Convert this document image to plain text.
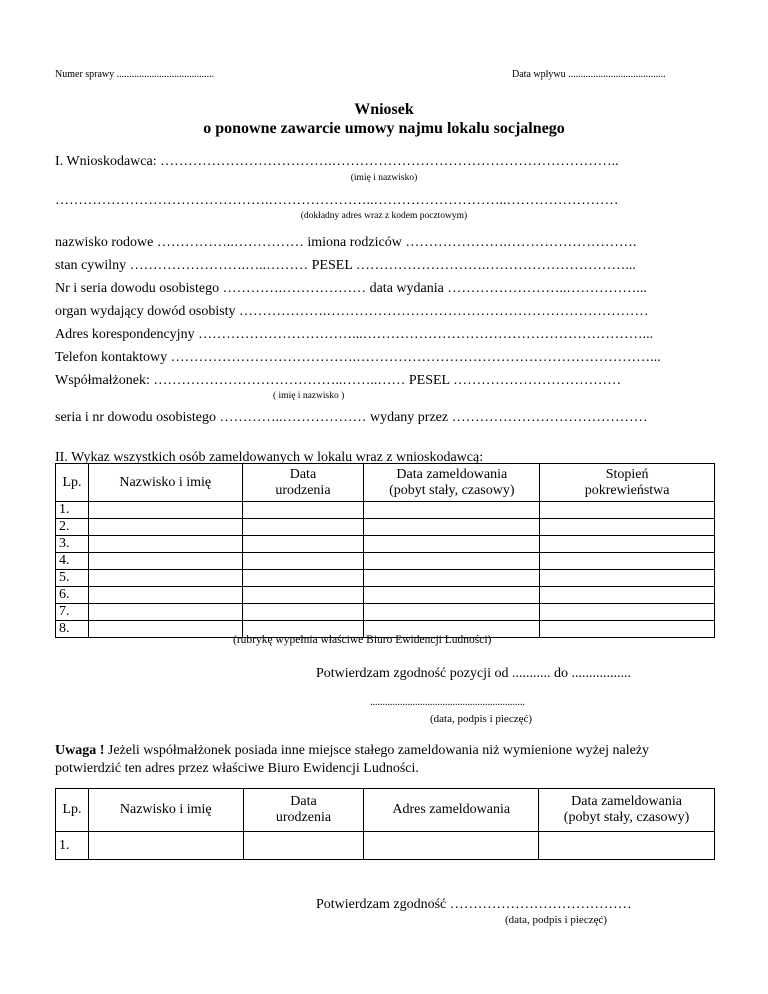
Numer sprawy .......................................	Data wpływu .......................................
Wniosek
o ponowne zawarcie umowy najmu lokalu socjalnego
I. Wnioskodawca: ……………………………….……………………………………………………..
(imię i nazwisko)
……………………………………….…………………..………………………..……………………
(dokładny adres wraz z kodem pocztowym)
nazwisko rodowe ……………..…………… imiona rodziców ………………….……………………….
stan cywilny …………………….…..……… PESEL ……………………….…………………………...
Nr i seria dowodu osobistego ………….……………… data wydania ……………………..……………...
organ wydający dowód osobisty ……………….……………………………………………………………
Adres korespondencyjny ……………………………...……………………………………………………...
Telefon kontaktowy ………………………………….………………………………………………………...
Współmałżonek: …………………………………..……..…… PESEL ………………………………
( imię i nazwisko )
seria i nr dowodu osobistego …………..……………… wydany przez ……………………………………
II. Wykaz wszystkich osób zameldowanych w lokalu wraz z wnioskodawcą:
Lp.	Nazwisko i imię	Data urodzenia	Data zameldowania (pobyt stały, czasowy)	Stopień pokrewieństwa

1.				
2.				
3.				
4.				
5.				
6.				
7.				
8.				
(rubrykę wypełnia właściwe Biuro Ewidencji Ludności)
Potwierdzam zgodność pozycji od ........... do .................
..............................................................
(data, podpis i pieczęć)
Uwaga ! Jeżeli współmałżonek posiada inne miejsce stałego zameldowania niż wymienione wyżej należy
potwierdzić ten adres przez właściwe Biuro Ewidencji Ludności.
Lp.	Nazwisko i imię	Data urodzenia	Adres zameldowania	Data zameldowania (pobyt stały, czasowy)

1.				
Potwierdzam zgodność …………………………………
(data, podpis i pieczęć)
